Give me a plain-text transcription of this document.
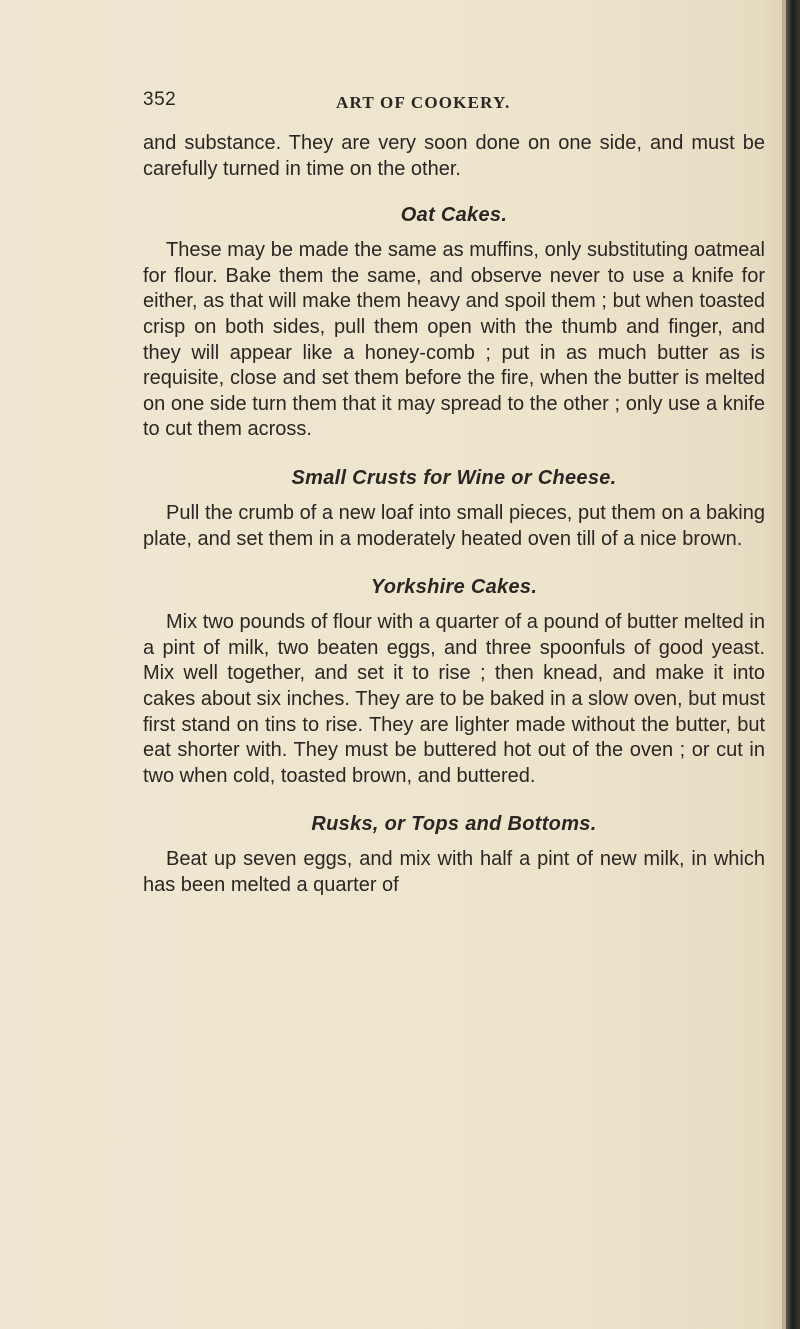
352	ART OF COOKERY.

and substance. They are very soon done on one side, and must be carefully turned in time on the other.

Oat Cakes.

These may be made the same as muffins, only substituting oatmeal for flour. Bake them the same, and observe never to use a knife for either, as that will make them heavy and spoil them ; but when toasted crisp on both sides, pull them open with the thumb and finger, and they will appear like a honey-comb ; put in as much butter as is requisite, close and set them before the fire, when the butter is melted on one side turn them that it may spread to the other ; only use a knife to cut them across.

Small Crusts for Wine or Cheese.

Pull the crumb of a new loaf into small pieces, put them on a baking plate, and set them in a moderately heated oven till of a nice brown.

Yorkshire Cakes.

Mix two pounds of flour with a quarter of a pound of butter melted in a pint of milk, two beaten eggs, and three spoonfuls of good yeast. Mix well together, and set it to rise ; then knead, and make it into cakes about six inches. They are to be baked in a slow oven, but must first stand on tins to rise. They are lighter made without the butter, but eat shorter with. They must be buttered hot out of the oven ; or cut in two when cold, toasted brown, and buttered.

Rusks, or Tops and Bottoms.

Beat up seven eggs, and mix with half a pint of new milk, in which has been melted a quarter of
